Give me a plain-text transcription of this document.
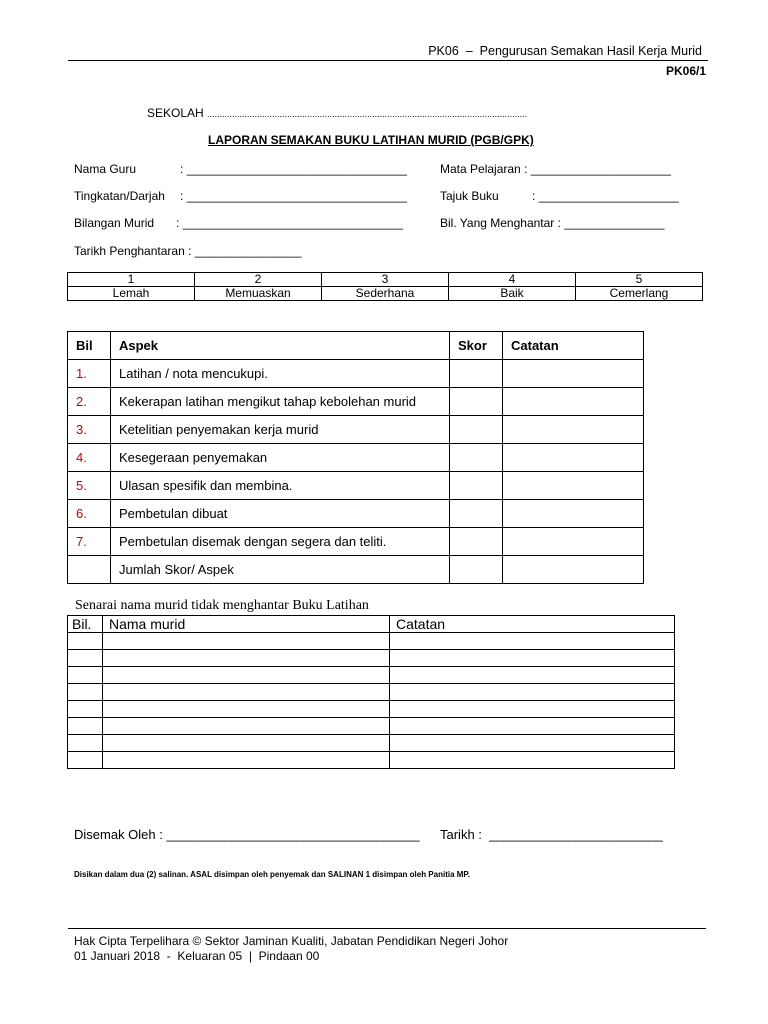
PK06 – Pengurusan Semakan Hasil Kerja Murid
PK06/1
SEKOLAH ................................................................................................................................
LAPORAN SEMAKAN BUKU LATIHAN MURID (PGB/GPK)
Nama Guru	: _________________________________	Mata Pelajaran : _____________________
Tingkatan/Darjah : _________________________________	Tajuk Buku	: _____________________
Bilangan Murid : _________________________________	Bil. Yang Menghantar : _______________
Tarikh Penghantaran : ________________
1	2	3	4	5
Lemah	Memuaskan	Sederhana	Baik	Cemerlang
Bil	Aspek	Skor	Catatan
1.	Latihan / nota mencukupi.		
2.	Kekerapan latihan mengikut tahap kebolehan murid		
3.	Ketelitian penyemakan kerja murid		
4.	Kesegeraan penyemakan		
5.	Ulasan spesifik dan membina.		
6.	Pembetulan dibuat		
7.	Pembetulan disemak dengan segera dan teliti.		
	Jumlah Skor/ Aspek		
Senarai nama murid tidak menghantar Buku Latihan
Bil.	Nama murid	Catatan

Disemak Oleh : ___________________________________ Tarikh : ________________________
Disikan dalam dua (2) salinan. ASAL disimpan oleh penyemak dan SALINAN 1 disimpan oleh Panitia MP.
Hak Cipta Terpelihara © Sektor Jaminan Kualiti, Jabatan Pendidikan Negeri Johor
01 Januari 2018 - Keluaran 05 | Pindaan 00
